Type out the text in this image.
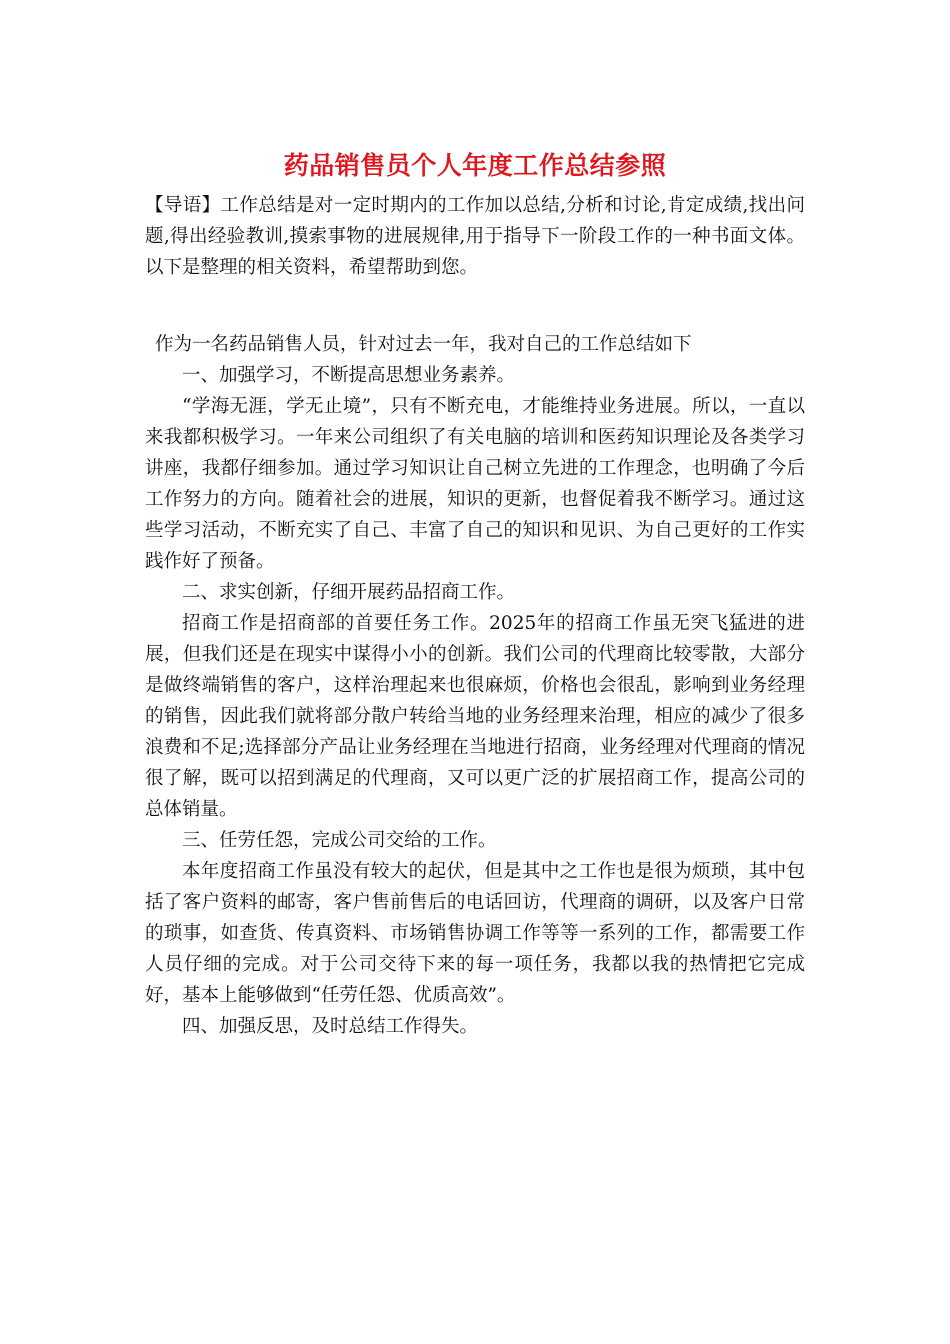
药品销售员个人年度工作总结参照

【导语】工作总结是对一定时期内的工作加以总结,分析和讨论,肯定成绩,找出问题,得出经验教训,摸索事物的进展规律,用于指导下一阶段工作的一种书面文体。以下是整理的相关资料，希望帮助到您。

作为一名药品销售人员，针对过去一年，我对自己的工作总结如下

一、加强学习，不断提高思想业务素养。

“学海无涯，学无止境”，只有不断充电，才能维持业务进展。所以，一直以来我都积极学习。一年来公司组织了有关电脑的培训和医药知识理论及各类学习讲座，我都仔细参加。通过学习知识让自己树立先进的工作理念，也明确了今后工作努力的方向。随着社会的进展，知识的更新，也督促着我不断学习。通过这些学习活动，不断充实了自己、丰富了自己的知识和见识、为自己更好的工作实践作好了预备。

二、求实创新，仔细开展药品招商工作。

招商工作是招商部的首要任务工作。2025年的招商工作虽无突飞猛进的进展，但我们还是在现实中谋得小小的创新。我们公司的代理商比较零散，大部分是做终端销售的客户，这样治理起来也很麻烦，价格也会很乱，影响到业务经理的销售，因此我们就将部分散户转给当地的业务经理来治理，相应的减少了很多浪费和不足;选择部分产品让业务经理在当地进行招商，业务经理对代理商的情况很了解，既可以招到满足的代理商，又可以更广泛的扩展招商工作，提高公司的总体销量。

三、任劳任怨，完成公司交给的工作。

本年度招商工作虽没有较大的起伏，但是其中之工作也是很为烦琐，其中包括了客户资料的邮寄，客户售前售后的电话回访，代理商的调研，以及客户日常的琐事，如查货、传真资料、市场销售协调工作等等一系列的工作，都需要工作人员仔细的完成。对于公司交待下来的每一项任务，我都以我的热情把它完成好，基本上能够做到“任劳任怨、优质高效”。

四、加强反思，及时总结工作得失。
